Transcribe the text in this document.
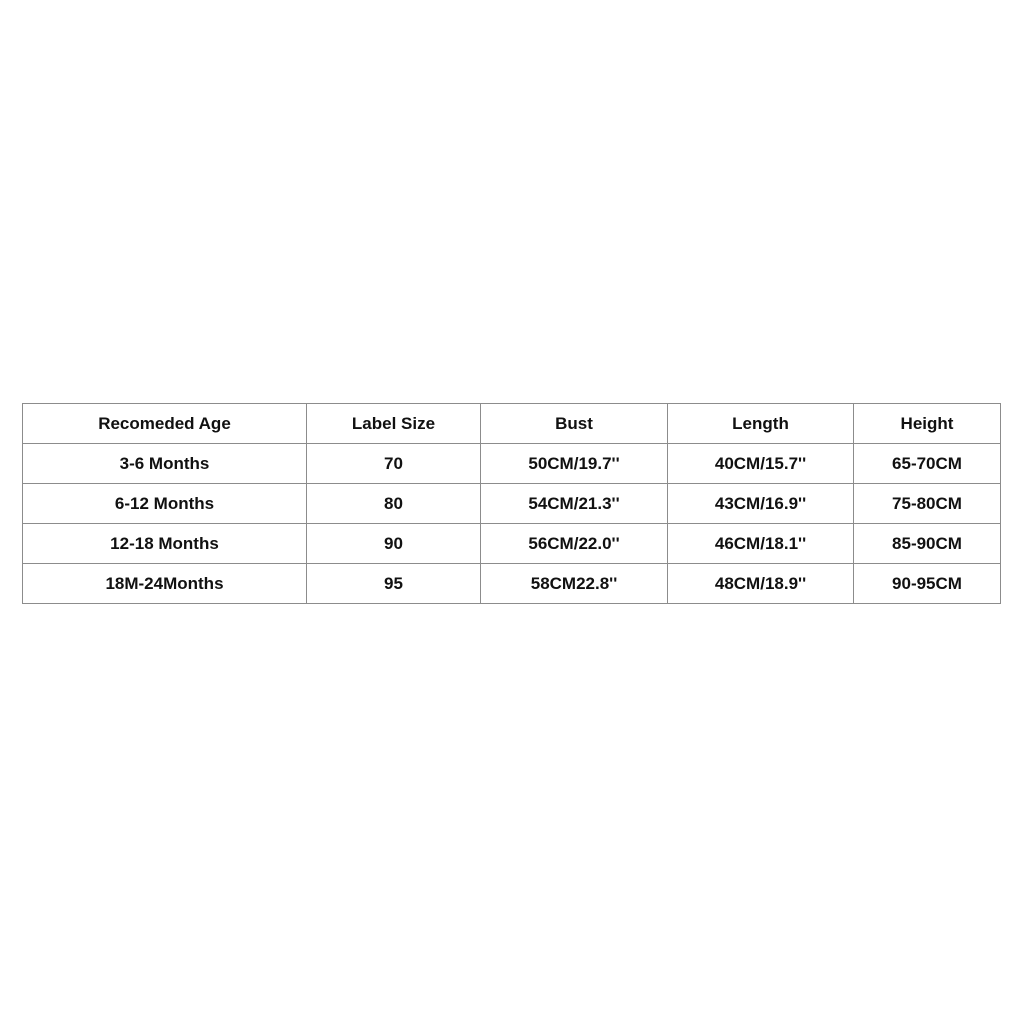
Recomeded Age	Label Size	Bust	Length	Height
3-6 Months	70	50CM/19.7''	40CM/15.7''	65-70CM
6-12 Months	80	54CM/21.3''	43CM/16.9''	75-80CM
12-18 Months	90	56CM/22.0''	46CM/18.1''	85-90CM
18M-24Months	95	58CM22.8''	48CM/18.9''	90-95CM
